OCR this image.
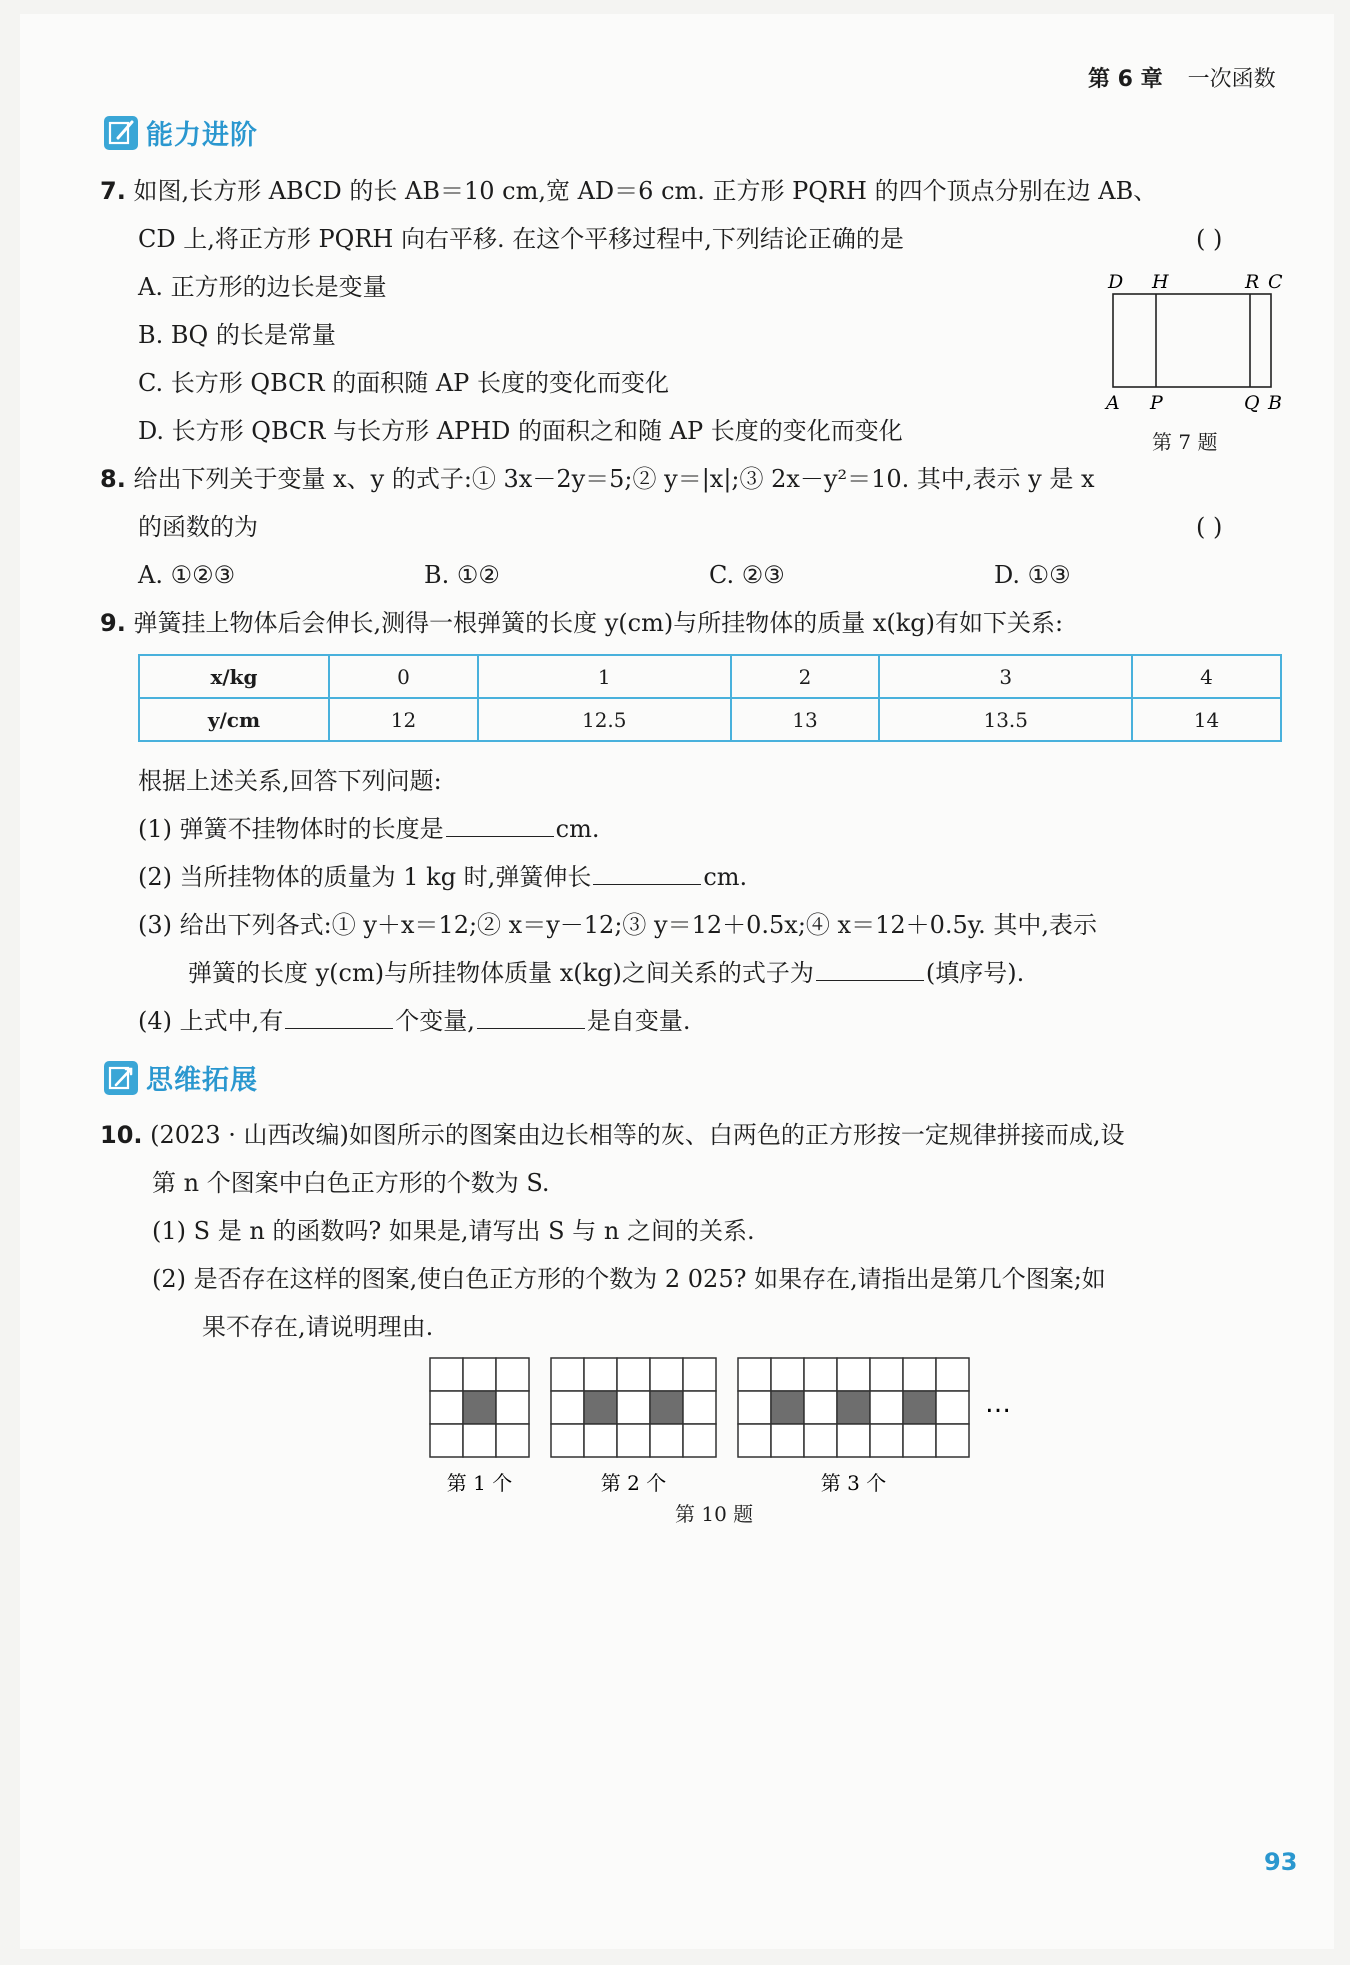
第 6 章 一次函数
能力进阶
7. 如图,长方形 ABCD 的长 AB＝10 cm,宽 AD＝6 cm. 正方形 PQRH 的四个顶点分别在边 AB、
CD 上,将正方形 PQRH 向右平移. 在这个平移过程中,下列结论正确的是	( )
A. 正方形的边长是变量
B. BQ 的长是常量
C. 长方形 QBCR 的面积随 AP 长度的变化而变化
D. 长方形 QBCR 与长方形 APHD 的面积之和随 AP 长度的变化而变化
D H	R C
A P	Q B
第 7 题
8. 给出下列关于变量 x、y 的式子:① 3x－2y＝5;② y＝|x|;③ 2x－y²＝10. 其中,表示 y 是 x
的函数的为	( )
A. ①②③	B. ①②	C. ②③	D. ①③
9. 弹簧挂上物体后会伸长,测得一根弹簧的长度 y(cm)与所挂物体的质量 x(kg)有如下关系:
x/kg	0	1	2	3	4
y/cm	12	12.5	13	13.5	14
根据上述关系,回答下列问题:
(1) 弹簧不挂物体时的长度是	cm.
(2) 当所挂物体的质量为 1 kg 时,弹簧伸长	cm.
(3) 给出下列各式:① y＋x＝12;② x＝y－12;③ y＝12＋0.5x;④ x＝12＋0.5y. 其中,表示
弹簧的长度 y(cm)与所挂物体质量 x(kg)之间关系的式子为	(填序号).
(4) 上式中,有	个变量,	是自变量.
思维拓展
10. (2023 · 山西改编)如图所示的图案由边长相等的灰、白两色的正方形按一定规律拼接而成,设
第 n 个图案中白色正方形的个数为 S.
(1) S 是 n 的函数吗? 如果是,请写出 S 与 n 之间的关系.
(2) 是否存在这样的图案,使白色正方形的个数为 2 025? 如果存在,请指出是第几个图案;如
果不存在,请说明理由.
第 1 个	第 2 个	第 3 个
…
第 10 题
93
